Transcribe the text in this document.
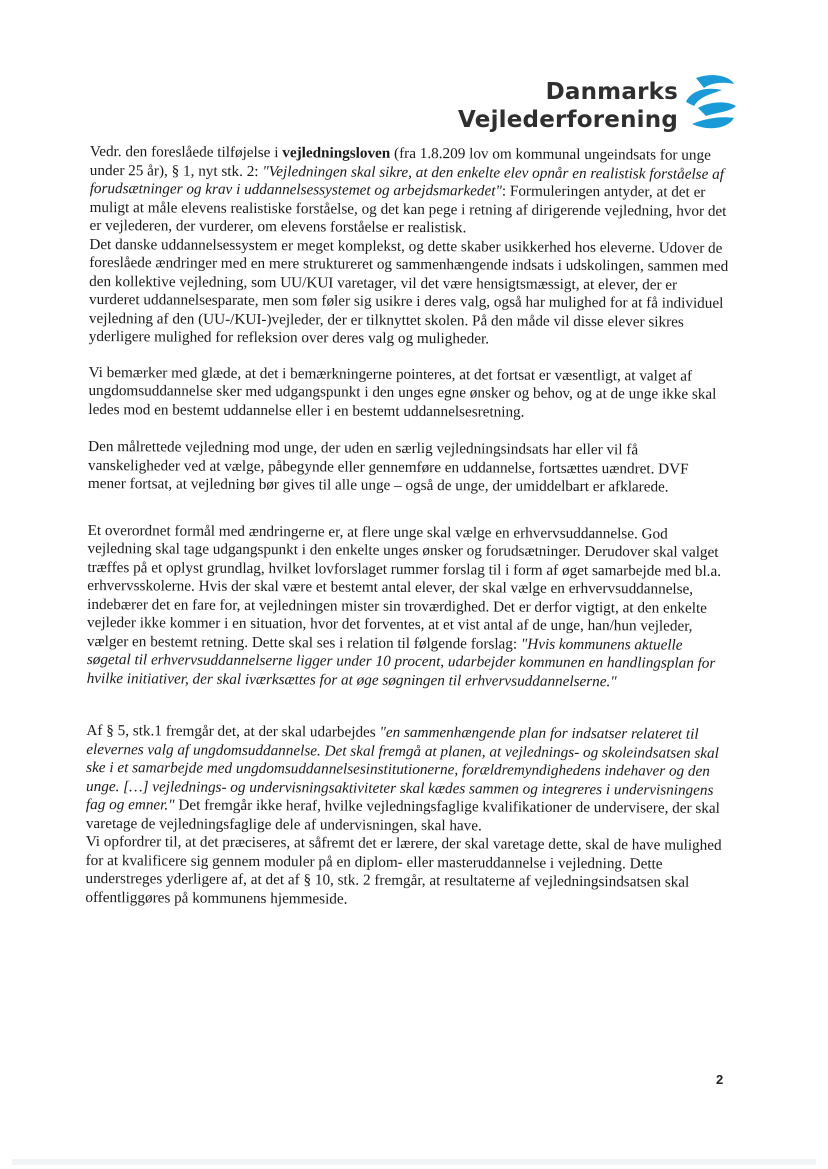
Danmarks
Vejlederforening

Vedr. den foreslåede tilføjelse i vejledningsloven (fra 1.8.209 lov om kommunal ungeindsats for unge under 25 år), § 1, nyt stk. 2: "Vejledningen skal sikre, at den enkelte elev opnår en realistisk forståelse af forudsætninger og krav i uddannelsessystemet og arbejdsmarkedet": Formuleringen antyder, at det er muligt at måle elevens realistiske forståelse, og det kan pege i retning af dirigerende vejledning, hvor det er vejlederen, der vurderer, om elevens forståelse er realistisk.

Det danske uddannelsessystem er meget komplekst, og dette skaber usikkerhed hos eleverne. Udover de foreslåede ændringer med en mere struktureret og sammenhængende indsats i udskolingen, sammen med den kollektive vejledning, som UU/KUI varetager, vil det være hensigtsmæssigt, at elever, der er vurderet uddannelsesparate, men som føler sig usikre i deres valg, også har mulighed for at få individuel vejledning af den (UU-/KUI-)vejleder, der er tilknyttet skolen. På den måde vil disse elever sikres yderligere mulighed for refleksion over deres valg og muligheder.

Vi bemærker med glæde, at det i bemærkningerne pointeres, at det fortsat er væsentligt, at valget af ungdomsuddannelse sker med udgangspunkt i den unges egne ønsker og behov, og at de unge ikke skal ledes mod en bestemt uddannelse eller i en bestemt uddannelsesretning.

Den målrettede vejledning mod unge, der uden en særlig vejledningsindsats har eller vil få vanskeligheder ved at vælge, påbegynde eller gennemføre en uddannelse, fortsættes uændret. DVF mener fortsat, at vejledning bør gives til alle unge – også de unge, der umiddelbart er afklarede.

Et overordnet formål med ændringerne er, at flere unge skal vælge en erhvervsuddannelse. God vejledning skal tage udgangspunkt i den enkelte unges ønsker og forudsætninger. Derudover skal valget træffes på et oplyst grundlag, hvilket lovforslaget rummer forslag til i form af øget samarbejde med bl.a. erhvervsskolerne. Hvis der skal være et bestemt antal elever, der skal vælge en erhvervsuddannelse, indebærer det en fare for, at vejledningen mister sin troværdighed. Det er derfor vigtigt, at den enkelte vejleder ikke kommer i en situation, hvor det forventes, at et vist antal af de unge, han/hun vejleder, vælger en bestemt retning. Dette skal ses i relation til følgende forslag: "Hvis kommunens aktuelle søgetal til erhvervsuddannelserne ligger under 10 procent, udarbejder kommunen en handlingsplan for hvilke initiativer, der skal iværksættes for at øge søgningen til erhvervsuddannelserne."

Af § 5, stk.1 fremgår det, at der skal udarbejdes "en sammenhængende plan for indsatser relateret til elevernes valg af ungdomsuddannelse. Det skal fremgå at planen, at vejlednings- og skoleindsatsen skal ske i et samarbejde med ungdomsuddannelsesinstitutionerne, forældremyndighedens indehaver og den unge. […] vejlednings- og undervisningsaktiviteter skal kædes sammen og integreres i undervisningens fag og emner." Det fremgår ikke heraf, hvilke vejledningsfaglige kvalifikationer de undervisere, der skal varetage de vejledningsfaglige dele af undervisningen, skal have.

Vi opfordrer til, at det præciseres, at såfremt det er lærere, der skal varetage dette, skal de have mulighed for at kvalificere sig gennem moduler på en diplom- eller masteruddannelse i vejledning. Dette understreges yderligere af, at det af § 10, stk. 2 fremgår, at resultaterne af vejledningsindsatsen skal offentliggøres på kommunens hjemmeside.

2
